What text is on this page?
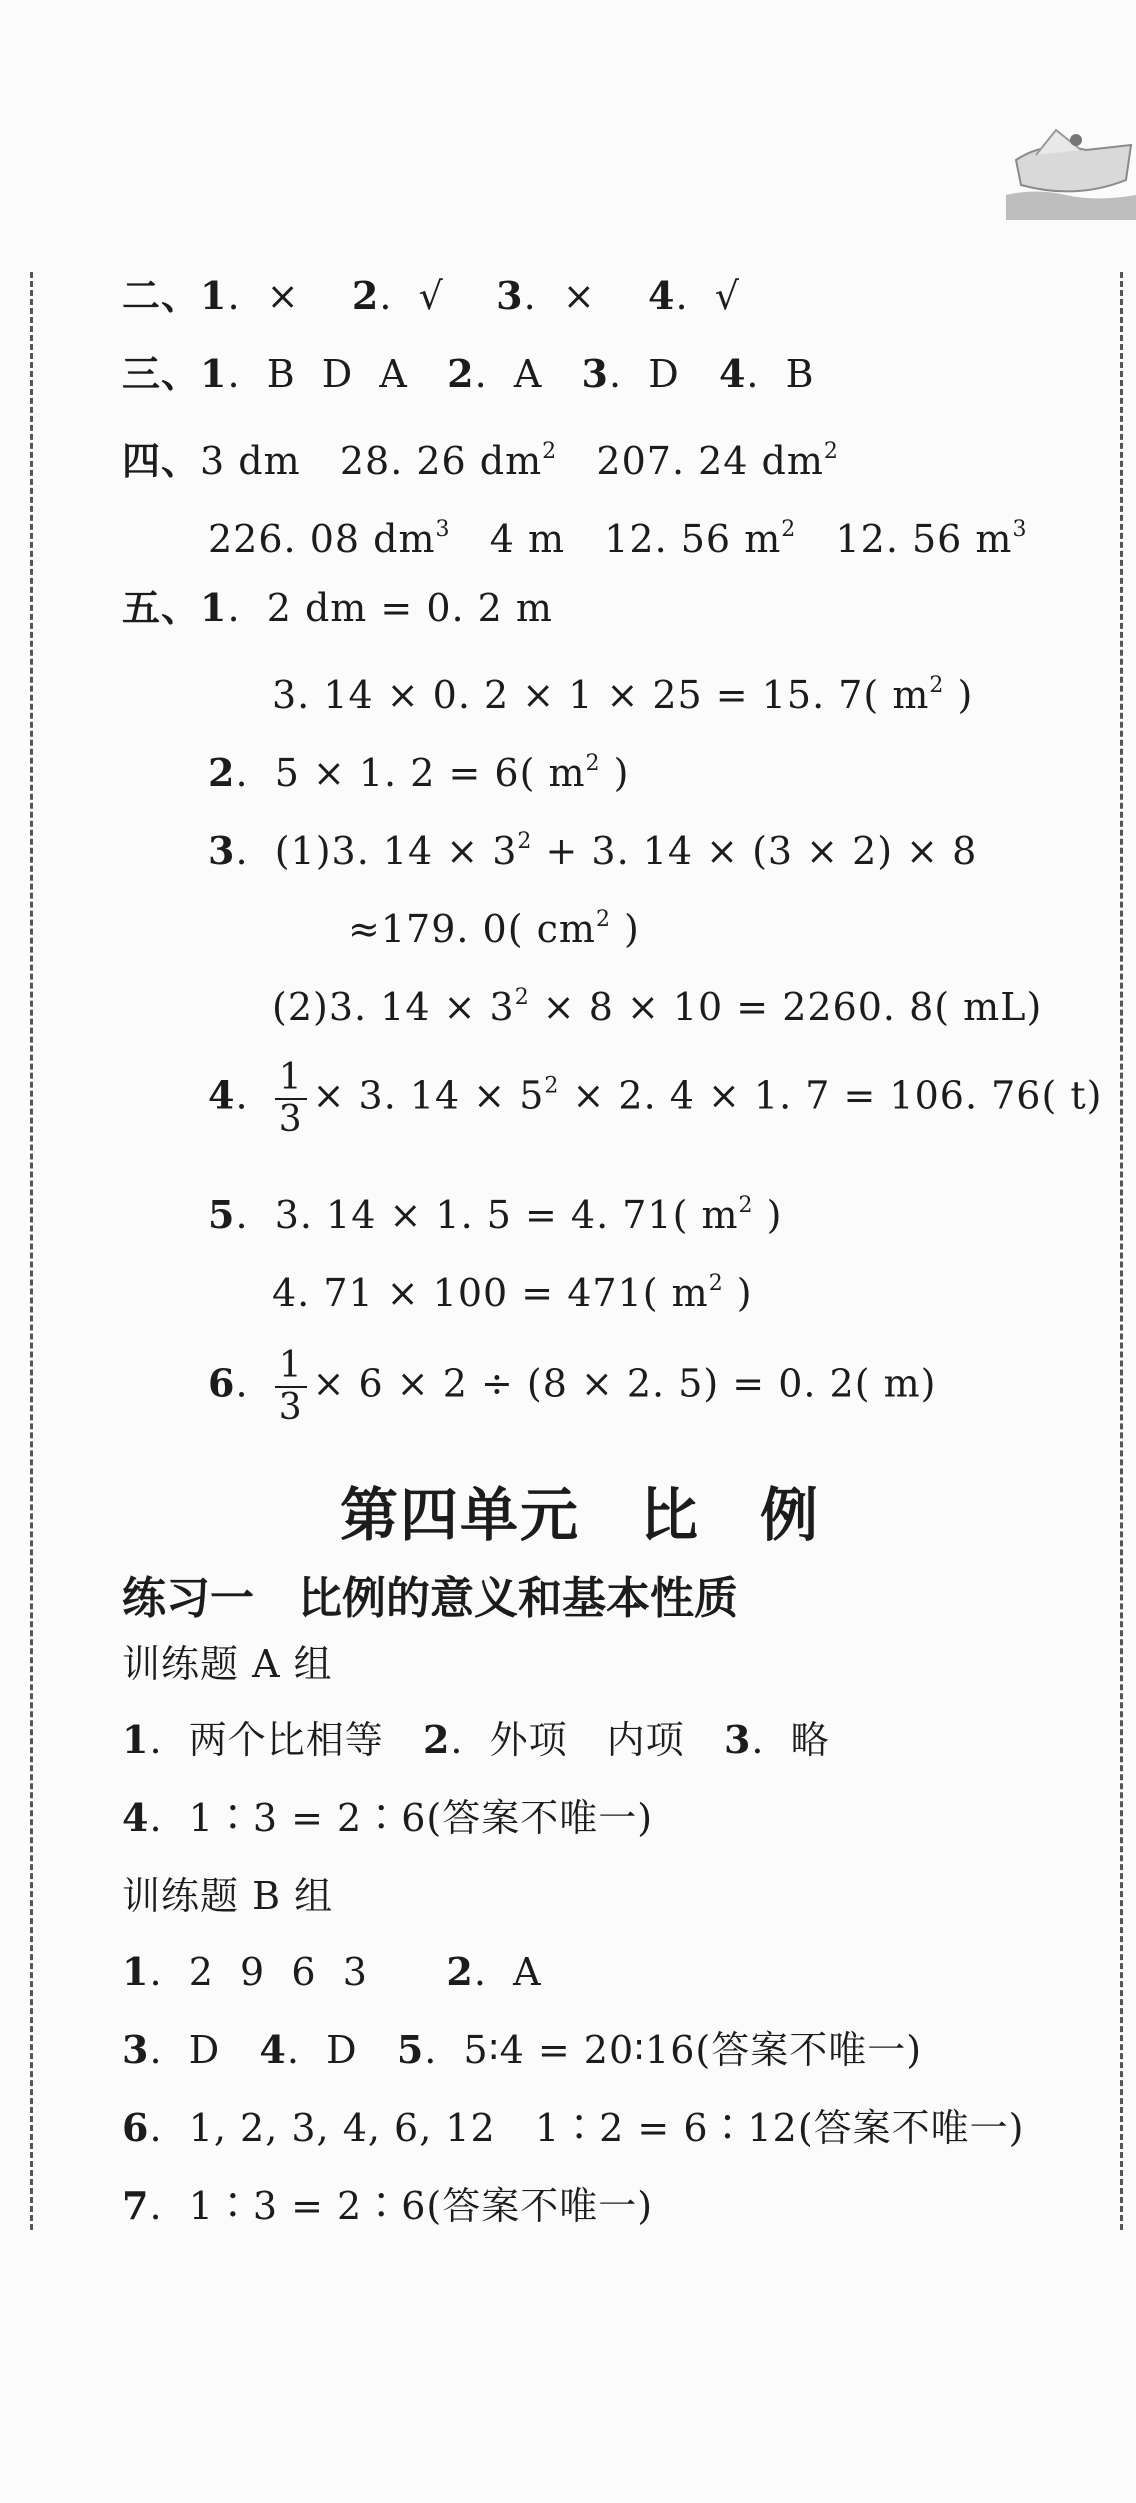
二、1.  × 2.  √ 3.  × 4.  √
三、1.  B  D  A 2.  A 3.  D 4.  B
四、3 dm   28. 26 $dm^2$   207. 24 $dm^2$
226. 08 $dm^3$   4 m   12. 56 $m^2$   12. 56 $m^3$
五、1.  2 dm = 0. 2 m
3. 14 × 0. 2 × 1 × 25 = 15. 7( $m^2$ )
2.  5 × 1. 2 = 6( $m^2$ )
3.  (1)3. $14 \times 3^2 + 3$. 14 × (3 × 2) × 8
≈179. 0( $cm^2$ )
(2)3. $14 \times 3^2 \times 8 \times 10 = 2260$. 8( mL)
4. $\frac{1}{3} \times 3$. $14 \times 5^2 \times 2$. 4 × 1. 7 = 106. 76( t)
5.  3. 14 × 1. 5 = 4. 71( $m^2$ )
4. 71 × 100 = 471( $m^2$ )
6. $\frac{1}{3} \times 6 \times 2 \div (8 \times 2$. 5) = 0. 2( m)
第四单元　比　例
练习一　比例的意义和基本性质
训练题 A 组
1.  两个比相等 2.  外项　内项 3.  略
4.  1∶3 = 2∶6(答案不唯一)
训练题 B 组
1.  2  9  6  3 2.  A
3.  D 4.  D 5.  5∶4 = 20∶16(答案不唯一)
6.  1, 2, 3, 4, 6, 12   1∶2 = 6∶12(答案不唯一)
7.  1∶3 = 2∶6(答案不唯一)
